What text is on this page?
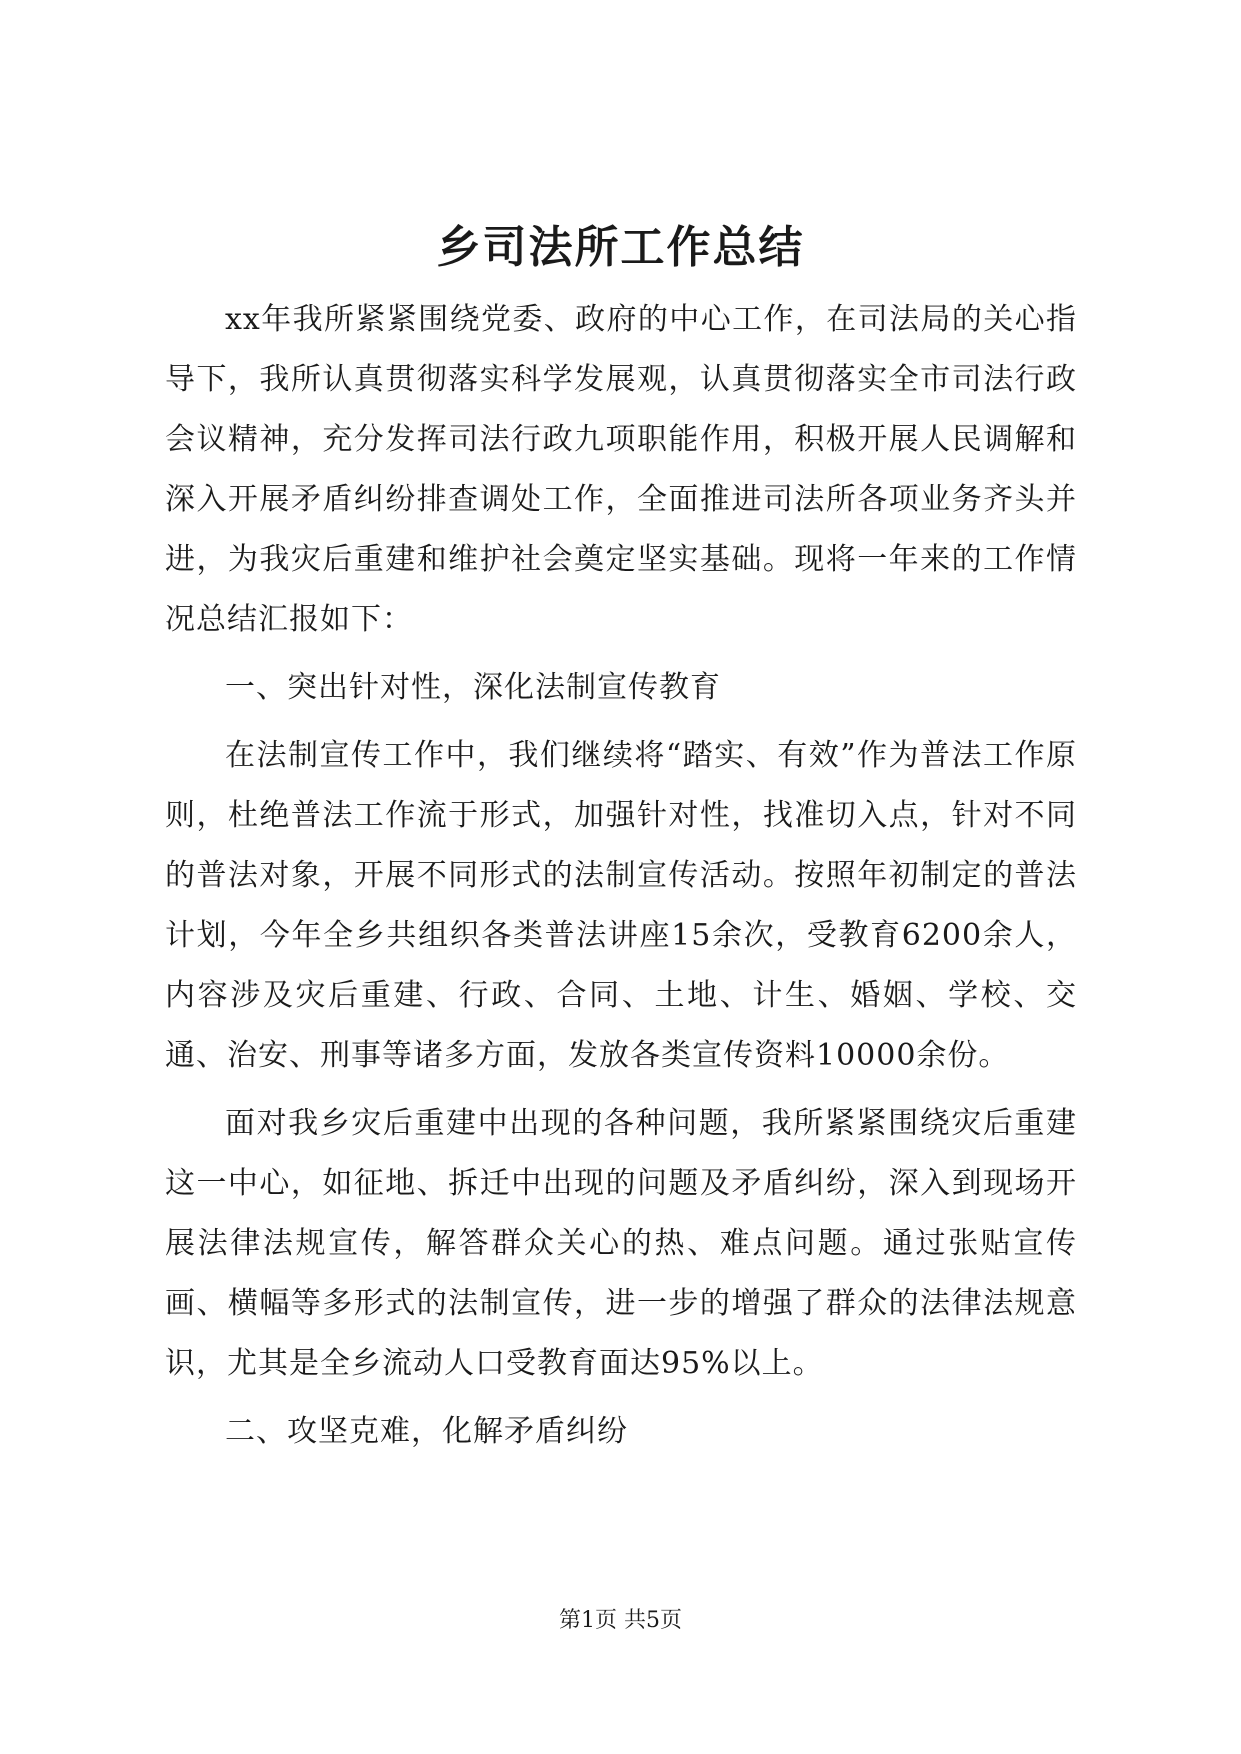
乡司法所工作总结

xx年我所紧紧围绕党委、政府的中心工作，在司法局的关心指导下，我所认真贯彻落实科学发展观，认真贯彻落实全市司法行政会议精神，充分发挥司法行政九项职能作用，积极开展人民调解和深入开展矛盾纠纷排查调处工作，全面推进司法所各项业务齐头并进，为我灾后重建和维护社会奠定坚实基础。现将一年来的工作情况总结汇报如下：

一、突出针对性，深化法制宣传教育

在法制宣传工作中，我们继续将“踏实、有效”作为普法工作原则，杜绝普法工作流于形式，加强针对性，找准切入点，针对不同的普法对象，开展不同形式的法制宣传活动。按照年初制定的普法计划，今年全乡共组织各类普法讲座15余次，受教育6200余人，内容涉及灾后重建、行政、合同、土地、计生、婚姻、学校、交通、治安、刑事等诸多方面，发放各类宣传资料10000余份。

面对我乡灾后重建中出现的各种问题，我所紧紧围绕灾后重建这一中心，如征地、拆迁中出现的问题及矛盾纠纷，深入到现场开展法律法规宣传，解答群众关心的热、难点问题。通过张贴宣传画、横幅等多形式的法制宣传，进一步的增强了群众的法律法规意识，尤其是全乡流动人口受教育面达95%以上。

二、攻坚克难，化解矛盾纠纷

第1页 共5页
